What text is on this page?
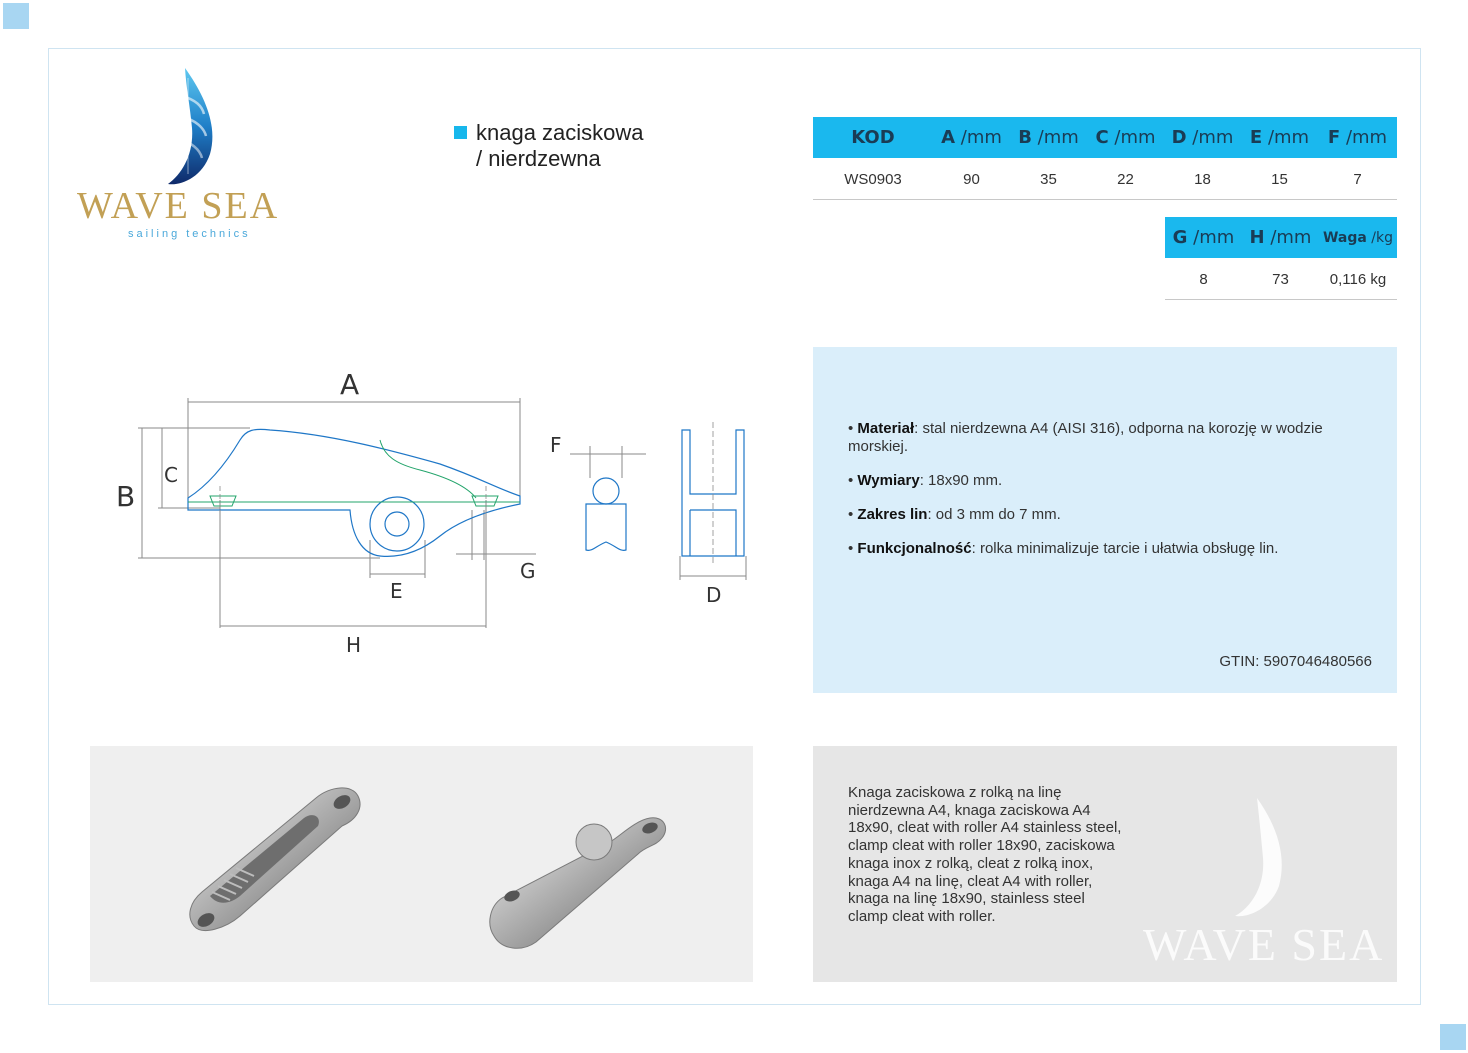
WAVE SEA
sailing technics
knaga zaciskowa
/ nierdzewna
KOD	A /mm	B /mm	C /mm	D /mm	E /mm	F /mm
WS0903	90	35	22	18	15	7
G /mm	H /mm	Waga /kg
8	73	0,116 kg
A
B
C
E
G
H
F
D
• Materiał: stal nierdzewna A4 (AISI 316), odporna na korozję w wodzie morskiej.
• Wymiary: 18x90 mm.
• Zakres lin: od 3 mm do 7 mm.
• Funkcjonalność: rolka minimalizuje tarcie i ułatwia obsługę lin.
GTIN: 5907046480566
Knaga zaciskowa z rolką na linę nierdzewna A4, knaga zaciskowa A4 18x90, cleat with roller A4 stainless steel, clamp cleat with roller 18x90, zaciskowa knaga inox z rolką, cleat z rolką inox, knaga A4 na linę, cleat A4 with roller, knaga na linę 18x90, stainless steel clamp cleat with roller.
WAVE SEA
